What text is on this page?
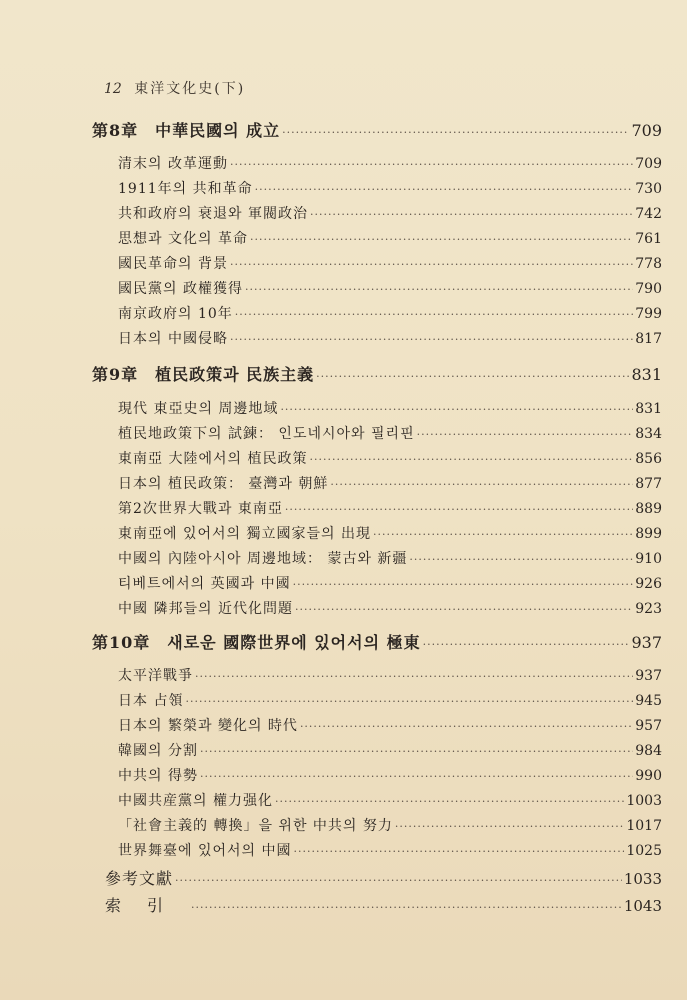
12 東洋文化史(下)
第8章　中華民國의 成立 ·····	709
清末의 改革運動 ·····	709
1911年의 共和革命 ·····	730
共和政府의 衰退와 軍閥政治 ·····	742
思想과 文化의 革命 ·····	761
國民革命의 背景 ·····	778
國民黨의 政權獲得 ·····	790
南京政府의 10年 ·····	799
日本의 中國侵略 ·····	817
第9章　植民政策과 民族主義 ·····	831
現代 東亞史의 周邊地域 ·····	831
植民地政策下의 試鍊： 인도네시아와 필리핀 ·····	834
東南亞 大陸에서의 植民政策 ·····	856
日本의 植民政策： 臺灣과 朝鮮 ·····	877
第2次世界大戰과 東南亞 ·····	889
東南亞에 있어서의 獨立國家들의 出現 ·····	899
中國의 內陸아시아 周邊地域： 蒙古와 新疆 ·····	910
티베트에서의 英國과 中國 ·····	926
中國 隣邦들의 近代化問題 ·····	923
第10章　새로운 國際世界에 있어서의 極東 ·····	937
太平洋戰爭 ·····	937
日本 占領 ·····	945
日本의 繁榮과 變化의 時代 ·····	957
韓國의 分割 ·····	984
中共의 得勢 ·····	990
中國共産黨의 權力强化 ·····	1003
「社會主義的 轉換」을 위한 中共의 努力 ·····	1017
世界舞臺에 있어서의 中國 ·····	1025
參考文獻 ·····	1033
索引 ·····	1043
